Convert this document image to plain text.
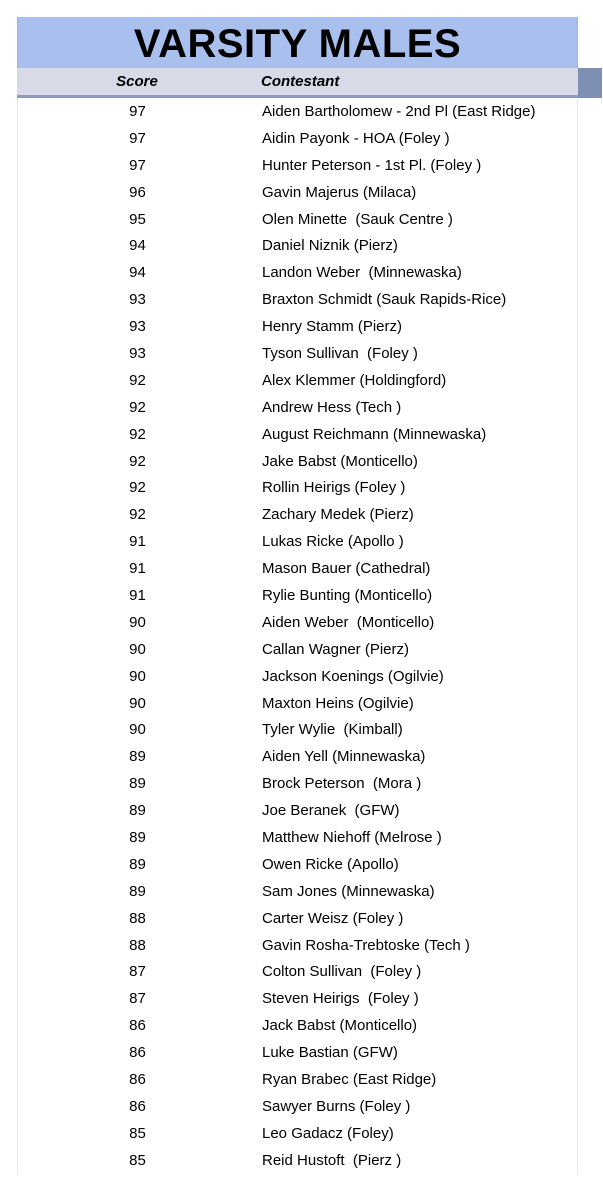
VARSITY MALES
Score	Contestant
97	Aiden Bartholomew - 2nd Pl (East Ridge)
97	Aidin Payonk - HOA (Foley )
97	Hunter Peterson - 1st Pl. (Foley )
96	Gavin Majerus (Milaca)
95	Olen Minette  (Sauk Centre )
94	Daniel Niznik (Pierz)
94	Landon Weber  (Minnewaska)
93	Braxton Schmidt (Sauk Rapids-Rice)
93	Henry Stamm (Pierz)
93	Tyson Sullivan  (Foley )
92	Alex Klemmer (Holdingford)
92	Andrew Hess (Tech )
92	August Reichmann (Minnewaska)
92	Jake Babst (Monticello)
92	Rollin Heirigs (Foley )
92	Zachary Medek (Pierz)
91	Lukas Ricke (Apollo )
91	Mason Bauer (Cathedral)
91	Rylie Bunting (Monticello)
90	Aiden Weber  (Monticello)
90	Callan Wagner (Pierz)
90	Jackson Koenings (Ogilvie)
90	Maxton Heins (Ogilvie)
90	Tyler Wylie  (Kimball)
89	Aiden Yell (Minnewaska)
89	Brock Peterson  (Mora )
89	Joe Beranek  (GFW)
89	Matthew Niehoff (Melrose )
89	Owen Ricke (Apollo)
89	Sam Jones (Minnewaska)
88	Carter Weisz (Foley )
88	Gavin Rosha-Trebtoske (Tech )
87	Colton Sullivan  (Foley )
87	Steven Heirigs  (Foley )
86	Jack Babst (Monticello)
86	Luke Bastian (GFW)
86	Ryan Brabec (East Ridge)
86	Sawyer Burns (Foley )
85	Leo Gadacz (Foley)
85	Reid Hustoft  (Pierz )
